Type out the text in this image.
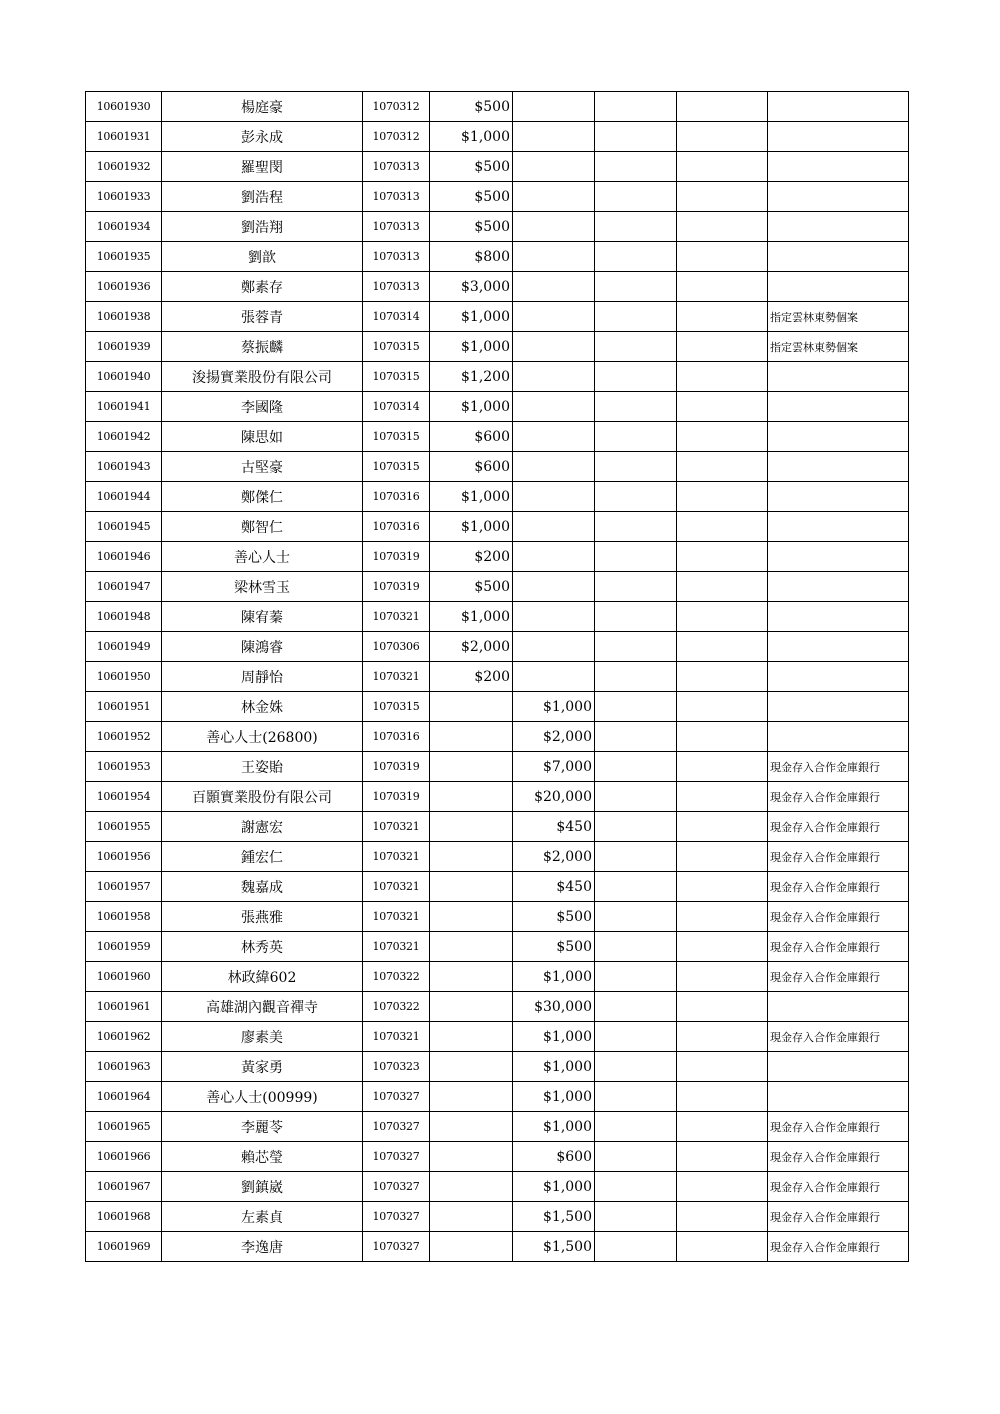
10601930	楊庭豪	1070312	$500				
10601931	彭永成	1070312	$1,000				
10601932	羅聖閔	1070313	$500				
10601933	劉浩程	1070313	$500				
10601934	劉浩翔	1070313	$500				
10601935	劉歆	1070313	$800				
10601936	鄭素存	1070313	$3,000				
10601938	張蓉青	1070314	$1,000				指定雲林東勢個案
10601939	蔡振麟	1070315	$1,000				指定雲林東勢個案
10601940	浚揚實業股份有限公司	1070315	$1,200				
10601941	李國隆	1070314	$1,000				
10601942	陳思如	1070315	$600				
10601943	古堅豪	1070315	$600				
10601944	鄭傑仁	1070316	$1,000				
10601945	鄭智仁	1070316	$1,000				
10601946	善心人士	1070319	$200				
10601947	梁林雪玉	1070319	$500				
10601948	陳宥蓁	1070321	$1,000				
10601949	陳鴻睿	1070306	$2,000				
10601950	周靜怡	1070321	$200				
10601951	林金姝	1070315		$1,000			
10601952	善心人士(26800)	1070316		$2,000			
10601953	王姿貽	1070319		$7,000			現金存入合作金庫銀行
10601954	百顥實業股份有限公司	1070319		$20,000			現金存入合作金庫銀行
10601955	謝憲宏	1070321		$450			現金存入合作金庫銀行
10601956	鍾宏仁	1070321		$2,000			現金存入合作金庫銀行
10601957	魏嘉成	1070321		$450			現金存入合作金庫銀行
10601958	張燕雅	1070321		$500			現金存入合作金庫銀行
10601959	林秀英	1070321		$500			現金存入合作金庫銀行
10601960	林政緯602	1070322		$1,000			現金存入合作金庫銀行
10601961	高雄湖內觀音禪寺	1070322		$30,000			
10601962	廖素美	1070321		$1,000			現金存入合作金庫銀行
10601963	黃家勇	1070323		$1,000			
10601964	善心人士(00999)	1070327		$1,000			
10601965	李麗苓	1070327		$1,000			現金存入合作金庫銀行
10601966	賴芯瑩	1070327		$600			現金存入合作金庫銀行
10601967	劉鎮崴	1070327		$1,000			現金存入合作金庫銀行
10601968	左素貞	1070327		$1,500			現金存入合作金庫銀行
10601969	李逸唐	1070327		$1,500			現金存入合作金庫銀行
